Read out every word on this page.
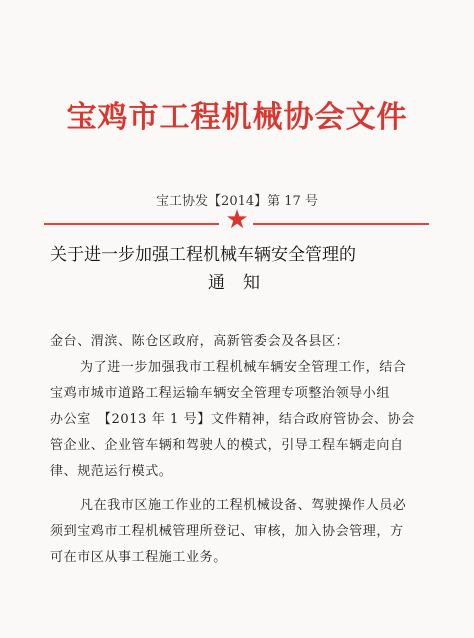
宝鸡市工程机械协会文件
宝工协发【2014】第 17 号
★
关于进一步加强工程机械车辆安全管理的
通知
金台、渭滨、陈仓区政府，高新管委会及各县区：
为了进一步加强我市工程机械车辆安全管理工作，结合
宝鸡市城市道路工程运输车辆安全管理专项整治领导小组
办公室　【2013 年 1 号】文件精神，结合政府管协会、协会
管企业、企业管车辆和驾驶人的模式，引导工程车辆走向自
律、规范运行模式。
凡在我市区施工作业的工程机械设备、驾驶操作人员必
须到宝鸡市工程机械管理所登记、审核，加入协会管理，方
可在市区从事工程施工业务。
